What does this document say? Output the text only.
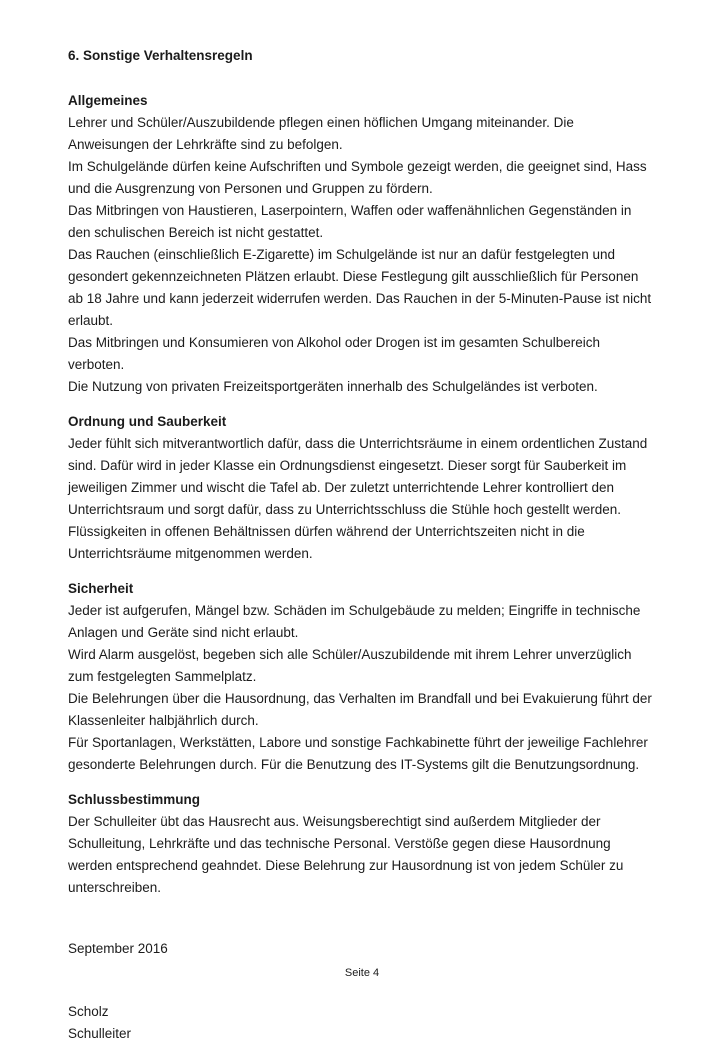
6. Sonstige Verhaltensregeln
Allgemeines

Lehrer und Schüler/Auszubildende pflegen einen höflichen Umgang miteinander. Die Anweisungen der Lehrkräfte sind zu befolgen.

Im Schulgelände dürfen keine Aufschriften und Symbole gezeigt werden, die geeignet sind, Hass und die Ausgrenzung von Personen und Gruppen zu fördern.

Das Mitbringen von Haustieren, Laserpointern, Waffen oder waffenähnlichen Gegenständen in den schulischen Bereich ist nicht gestattet.

Das Rauchen (einschließlich E-Zigarette) im Schulgelände ist nur an dafür festgelegten und gesondert gekennzeichneten Plätzen erlaubt. Diese Festlegung gilt ausschließlich für Personen ab 18 Jahre und kann jederzeit widerrufen werden. Das Rauchen in der 5-Minuten-Pause ist nicht erlaubt.

Das Mitbringen und Konsumieren von Alkohol oder Drogen ist im gesamten Schulbereich verboten.

Die Nutzung von privaten Freizeitsportgeräten innerhalb des Schulgeländes ist verboten.

Ordnung und Sauberkeit

Jeder fühlt sich mitverantwortlich dafür, dass die Unterrichtsräume in einem ordentlichen Zustand sind. Dafür wird in jeder Klasse ein Ordnungsdienst eingesetzt. Dieser sorgt für Sauberkeit im jeweiligen Zimmer und wischt die Tafel ab. Der zuletzt unterrichtende Lehrer kontrolliert den Unterrichtsraum und sorgt dafür, dass zu Unterrichtsschluss die Stühle hoch gestellt werden. Flüssigkeiten in offenen Behältnissen dürfen während der Unterrichtszeiten nicht in die Unterrichtsräume mitgenommen werden.

Sicherheit

Jeder ist aufgerufen, Mängel bzw. Schäden im Schulgebäude zu melden; Eingriffe in technische Anlagen und Geräte sind nicht erlaubt.

Wird Alarm ausgelöst, begeben sich alle Schüler/Auszubildende mit ihrem Lehrer unverzüglich zum festgelegten Sammelplatz.

Die Belehrungen über die Hausordnung, das Verhalten im Brandfall und bei Evakuierung führt der Klassenleiter halbjährlich durch.

Für Sportanlagen, Werkstätten, Labore und sonstige Fachkabinette führt der jeweilige Fachlehrer gesonderte Belehrungen durch. Für die Benutzung des IT-Systems gilt die Benutzungsordnung.

Schlussbestimmung

Der Schulleiter übt das Hausrecht aus. Weisungsberechtigt sind außerdem Mitglieder der Schulleitung, Lehrkräfte und das technische Personal. Verstöße gegen diese Hausordnung werden entsprechend geahndet. Diese Belehrung zur Hausordnung ist von jedem Schüler zu unterschreiben.

September 2016

Scholz

Schulleiter

Seite 4
